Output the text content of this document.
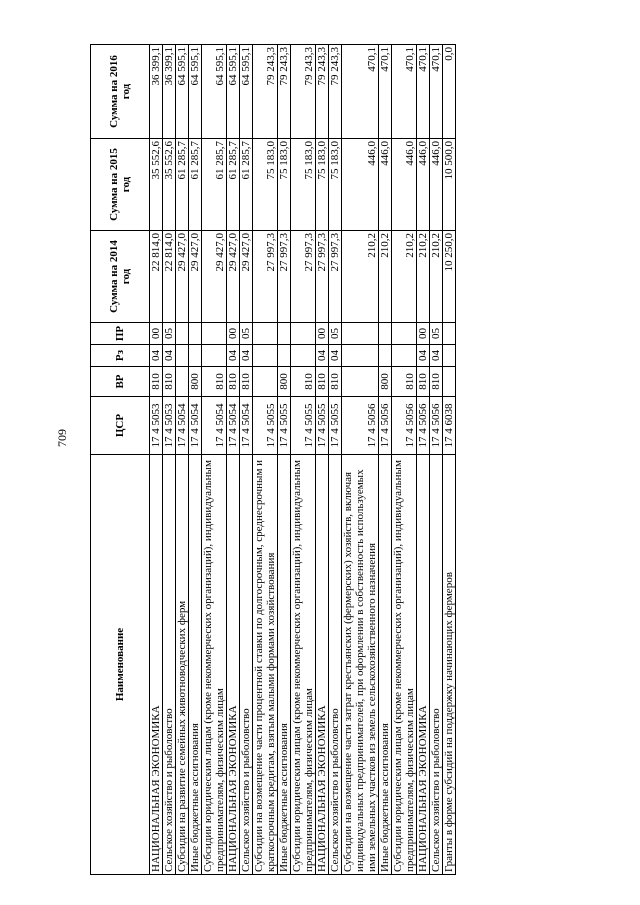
709
Наименование	ЦСР	ВР	Рз	ПР	Сумма на 2014 год	Сумма на 2015 год	Сумма на 2016 год
НАЦИОНАЛЬНАЯ ЭКОНОМИКА	17 4 5053	810	04	00	22 814,0	35 552,6	36 399,1
Сельское хозяйство и рыболовство	17 4 5053	810	04	05	22 814,0	35 552,6	36 399,1
Субсидии на развитие семейных животноводческих ферм	17 4 5054				29 427,0	61 285,7	64 595,1
Иные бюджетные ассигнования	17 4 5054	800			29 427,0	61 285,7	64 595,1
Субсидии юридическим лицам (кроме некоммерческих организаций), индивидуальным предпринимателям, физическим лицам	17 4 5054	810			29 427,0	61 285,7	64 595,1
НАЦИОНАЛЬНАЯ ЭКОНОМИКА	17 4 5054	810	04	00	29 427,0	61 285,7	64 595,1
Сельское хозяйство и рыболовство	17 4 5054	810	04	05	29 427,0	61 285,7	64 595,1
Субсидии на возмещение части процентной ставки по долгосрочным, среднесрочным и краткосрочным кредитам, взятым малыми формами хозяйствования	17 4 5055				27 997,3	75 183,0	79 243,3
Иные бюджетные ассигнования	17 4 5055	800			27 997,3	75 183,0	79 243,3
Субсидии юридическим лицам (кроме некоммерческих организаций), индивидуальным предпринимателям, физическим лицам	17 4 5055	810			27 997,3	75 183,0	79 243,3
НАЦИОНАЛЬНАЯ ЭКОНОМИКА	17 4 5055	810	04	00	27 997,3	75 183,0	79 243,3
Сельское хозяйство и рыболовство	17 4 5055	810	04	05	27 997,3	75 183,0	79 243,3
Субсидии на возмещение части затрат крестьянских (фермерских) хозяйств, включая индивидуальных предпринимателей, при оформлении в собственность используемых ими земельных участков из земель сельскохозяйственного назначения	17 4 5056				210,2	446,0	470,1
Иные бюджетные ассигнования	17 4 5056	800			210,2	446,0	470,1
Субсидии юридическим лицам (кроме некоммерческих организаций), индивидуальным предпринимателям, физическим лицам	17 4 5056	810			210,2	446,0	470,1
НАЦИОНАЛЬНАЯ ЭКОНОМИКА	17 4 5056	810	04	00	210,2	446,0	470,1
Сельское хозяйство и рыболовство	17 4 5056	810	04	05	210,2	446,0	470,1
Гранты в форме субсидий на поддержку начинающих фермеров	17 4 6038				10 250,0	10 500,0	0,0
